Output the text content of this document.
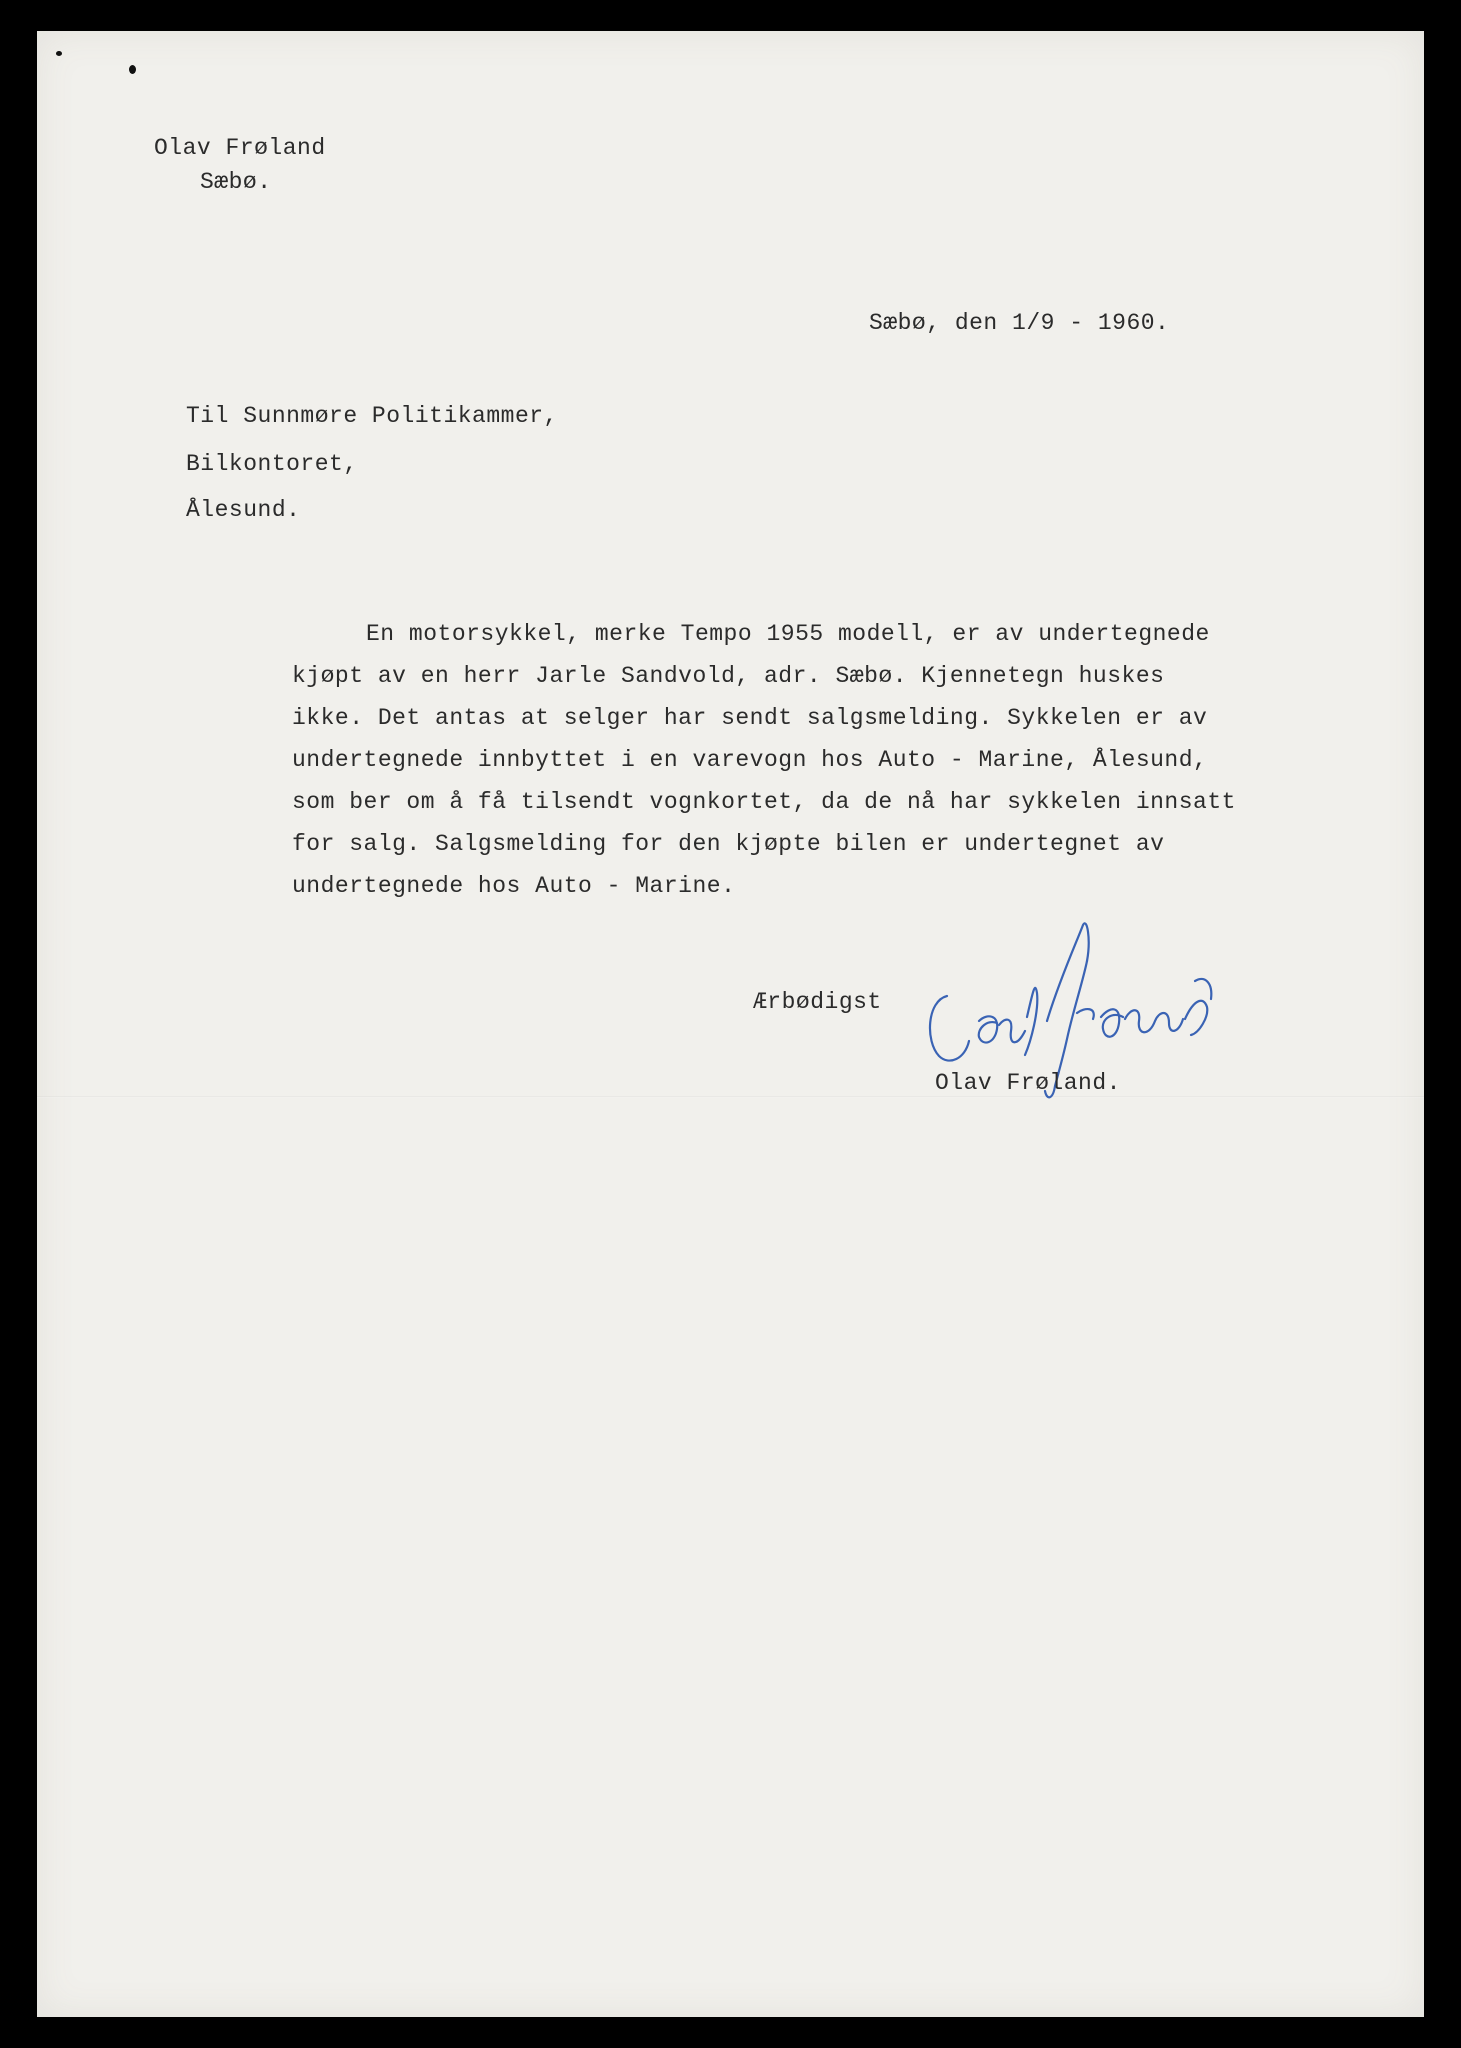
Olav Frøland
Sæbø.
Sæbø, den 1/9 - 1960.
Til Sunnmøre Politikammer,
Bilkontoret,
Ålesund.
En motorsykkel, merke Tempo 1955 modell, er av undertegnede
kjøpt av en herr Jarle Sandvold, adr. Sæbø. Kjennetegn huskes
ikke. Det antas at selger har sendt salgsmelding. Sykkelen er av
undertegnede innbyttet i en varevogn hos Auto - Marine, Ålesund,
som ber om å få tilsendt vognkortet, da de nå har sykkelen innsatt
for salg. Salgsmelding for den kjøpte bilen er undertegnet av
undertegnede hos Auto - Marine.
Ærbødigst
Olav Frøland
Olav Frøland.
